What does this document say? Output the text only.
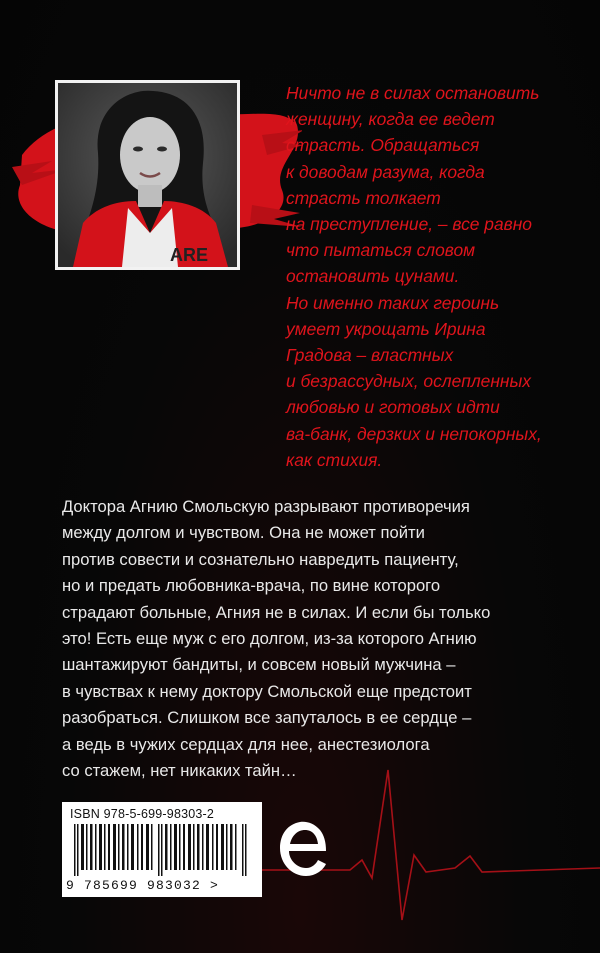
ARE
Ничто не в силах остановить
женщину, когда ее ведет
страсть. Обращаться
к доводам разума, когда
страсть толкает
на преступление, – все равно
что пытаться словом
остановить цунами.
Но именно таких героинь
умеет укрощать Ирина
Градова – властных
и безрассудных, ослепленных
любовью и готовых идти
ва-банк, дерзких и непокорных,
как стихия.
Доктора Агнию Смольскую разрывают противоречия
между долгом и чувством. Она не может пойти
против совести и сознательно навредить пациенту,
но и предать любовника-врача, по вине которого
страдают больные, Агния не в силах. И если бы только
это! Есть еще муж с его долгом, из-за которого Агнию
шантажируют бандиты, и совсем новый мужчина –
в чувствах к нему доктору Смольской еще предстоит
разобраться. Слишком все запуталось в ее сердце –
а ведь в чужих сердцах для нее, анестезиолога
со стажем, нет никаких тайн…
ISBN 978-5-699-98303-2
9 785699 983032 >
